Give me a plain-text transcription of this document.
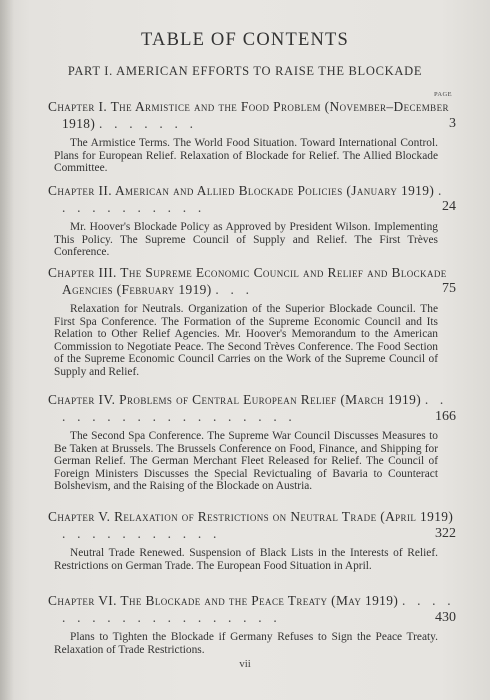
TABLE OF CONTENTS
PART I. AMERICAN EFFORTS TO RAISE THE BLOCKADE
PAGE

Chapter I. The Armistice and the Food Problem (November–December 1918) . . . . . . .	3

The Armistice Terms. The World Food Situation. Toward International Control. Plans for European Relief. Relaxation of Blockade for Relief. The Allied Blockade Committee.

Chapter II. American and Allied Blockade Policies (January 1919) . . . . . . . . . . .	24

Mr. Hoover's Blockade Policy as Approved by President Wilson. Implementing This Policy. The Supreme Council of Supply and Relief. The First Trèves Conference.

Chapter III. The Supreme Economic Council and Relief and Blockade Agencies (February 1919) . . .	75

Relaxation for Neutrals. Organization of the Superior Blockade Council. The First Spa Conference. The Formation of the Supreme Economic Council and Its Relation to Other Relief Agencies. Mr. Hoover's Memorandum to the American Commission to Negotiate Peace. The Second Trèves Conference. The Food Section of the Supreme Economic Council Carries on the Work of the Supreme Council of Supply and Relief.

Chapter IV. Problems of Central European Relief (March 1919) . . . . . . . . . . . . . . . . . .	166

The Second Spa Conference. The Supreme War Council Discusses Measures to Be Taken at Brussels. The Brussels Conference on Food, Finance, and Shipping for German Relief. The German Merchant Fleet Released for Relief. The Council of Foreign Ministers Discusses the Special Revictualing of Bavaria to Counteract Bolshevism, and the Raising of the Blockade on Austria.

Chapter V. Relaxation of Restrictions on Neutral Trade (April 1919) . . . . . . . . . . .	322

Neutral Trade Renewed. Suspension of Black Lists in the Interests of Relief. Restrictions on German Trade. The European Food Situation in April.

Chapter VI. The Blockade and the Peace Treaty (May 1919) . . . . . . . . . . . . . . . . . . .	430

Plans to Tighten the Blockade if Germany Refuses to Sign the Peace Treaty. Relaxation of Trade Restrictions.

vii
